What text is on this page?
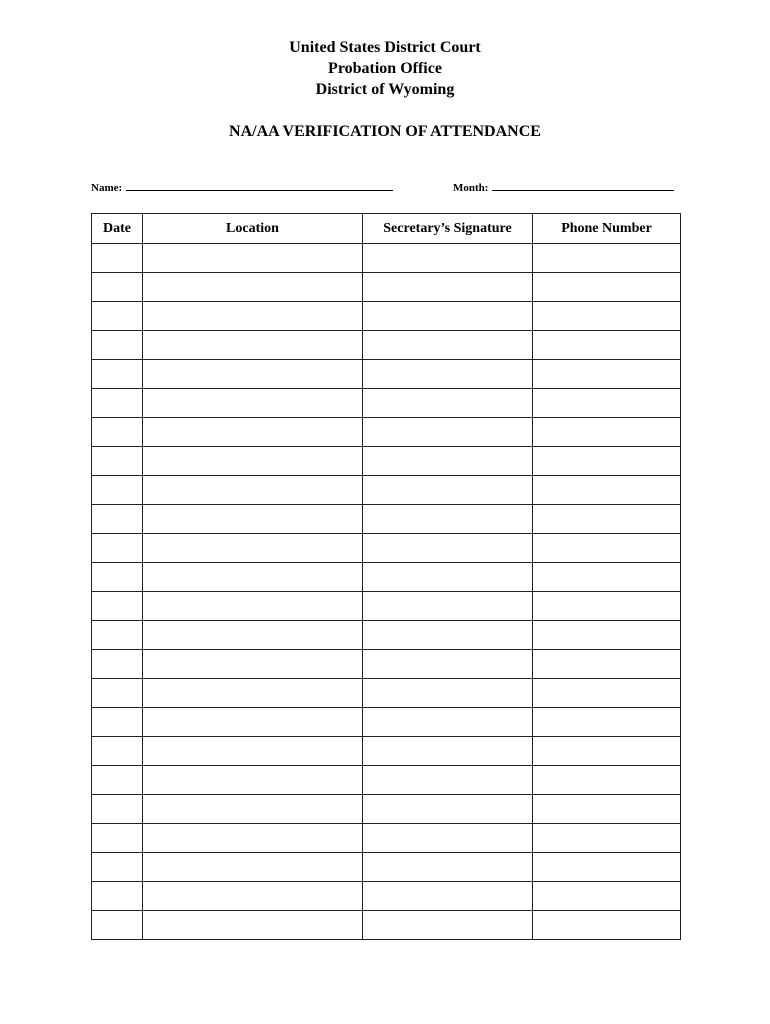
United States District Court
Probation Office
District of Wyoming
NA/AA VERIFICATION OF ATTENDANCE
Name:	Month:
Date	Location	Secretary’s Signature	Phone Number
